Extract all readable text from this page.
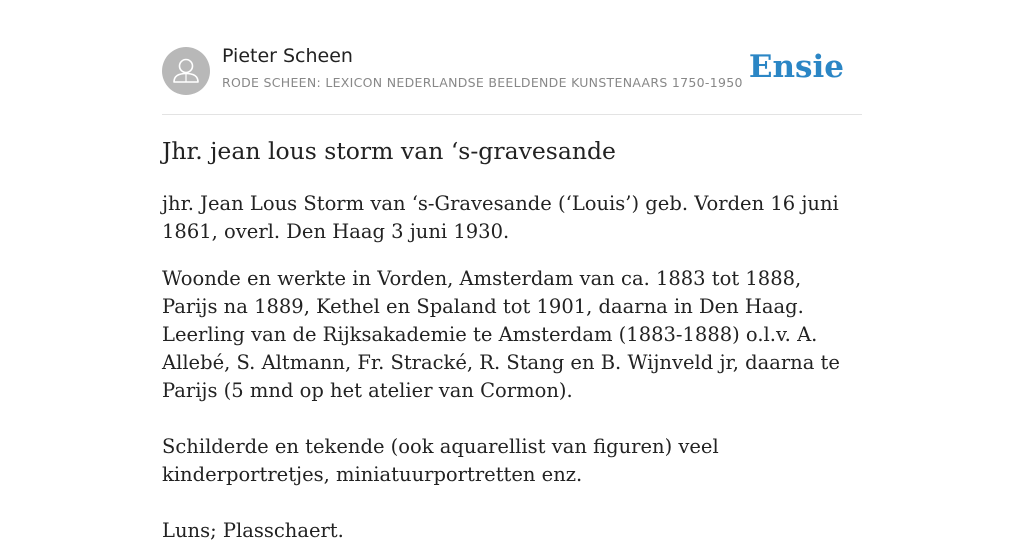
Pieter Scheen
RODE SCHEEN: LEXICON NEDERLANDSE BEELDENDE KUNSTENAARS 1750-1950 Ensie
Jhr. jean lous storm van ‘s-gravesande

jhr. Jean Lous Storm van ‘s-Gravesande (‘Louis’) geb. Vorden 16 juni 1861, overl. Den Haag 3 juni 1930.

Woonde en werkte in Vorden, Amsterdam van ca. 1883 tot 1888, Parijs na 1889, Kethel en Spaland tot 1901, daarna in Den Haag. Leerling van de Rijksakademie te Amsterdam (1883-1888) o.l.v. A. Allebé, S. Altmann, Fr. Stracké, R. Stang en B. Wijnveld jr, daarna te Parijs (5 mnd op het atelier van Cormon).

Schilderde en tekende (ook aquarellist van figuren) veel kinderportretjes, miniatuurportretten enz.

Luns; Plasschaert.
